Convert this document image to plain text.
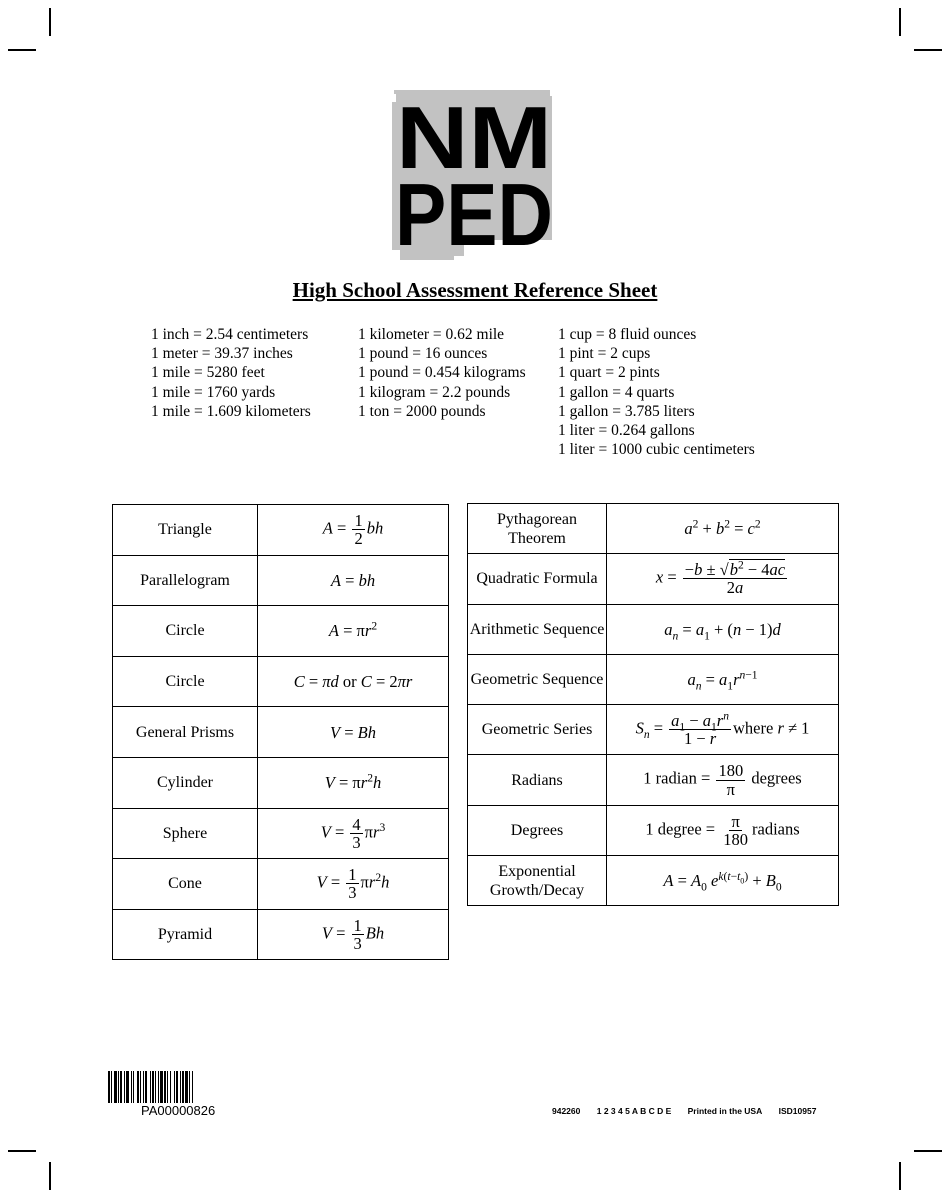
NM
PED
High School Assessment Reference Sheet
1 inch = 2.54 centimeters
1 meter = 39.37 inches
1 mile = 5280 feet
1 mile = 1760 yards
1 mile = 1.609 kilometers
1 kilometer = 0.62 mile
1 pound = 16 ounces
1 pound = 0.454 kilograms
1 kilogram = 2.2 pounds
1 ton = 2000 pounds
1 cup = 8 fluid ounces
1 pint = 2 cups
1 quart = 2 pints
1 gallon = 4 quarts
1 gallon = 3.785 liters
1 liter = 0.264 gallons
1 liter = 1000 cubic centimeters
Triangle	$A = \frac{1}{2}$ bh
Parallelogram	A = bh
Circle	$A = \pi r^2$
Circle	C = πd or C = 2πr
General Prisms	V = Bh
Cylinder	$V = \pi r^2h$
Sphere	$V = \frac{4}{3} \pi r^3$
Cone	$V = \frac{1}{3} \pi r^2h$
Pyramid	$V = \frac{1}{3}$ Bh
Pythagorean Theorem	$a^2 + b^2 = c^2$
Quadratic Formula	$x = \frac{-b \pm √b^2 - 4ac}{2a}$

Arithmetic Sequence	$a_n = a_1 + (n - 1)d$
Geometric Sequence	$a_n = a_1r^{n-1}$
Geometric Series	$S_n = \frac{a_1 - a_1r^n}{1 - r}$ where r ≠ 1
Radians	1 radian = $\frac{180}{\pi}$ degrees
Degrees	1 degree = $\frac{\pi}{180}$ radians
Exponential Growth/Decay	$A = A_0$ $e^{k(t-t_0)} + B_0$
PA00000826	942260 1 2 3 4 5 A B C D E Printed in the USA ISD10957
